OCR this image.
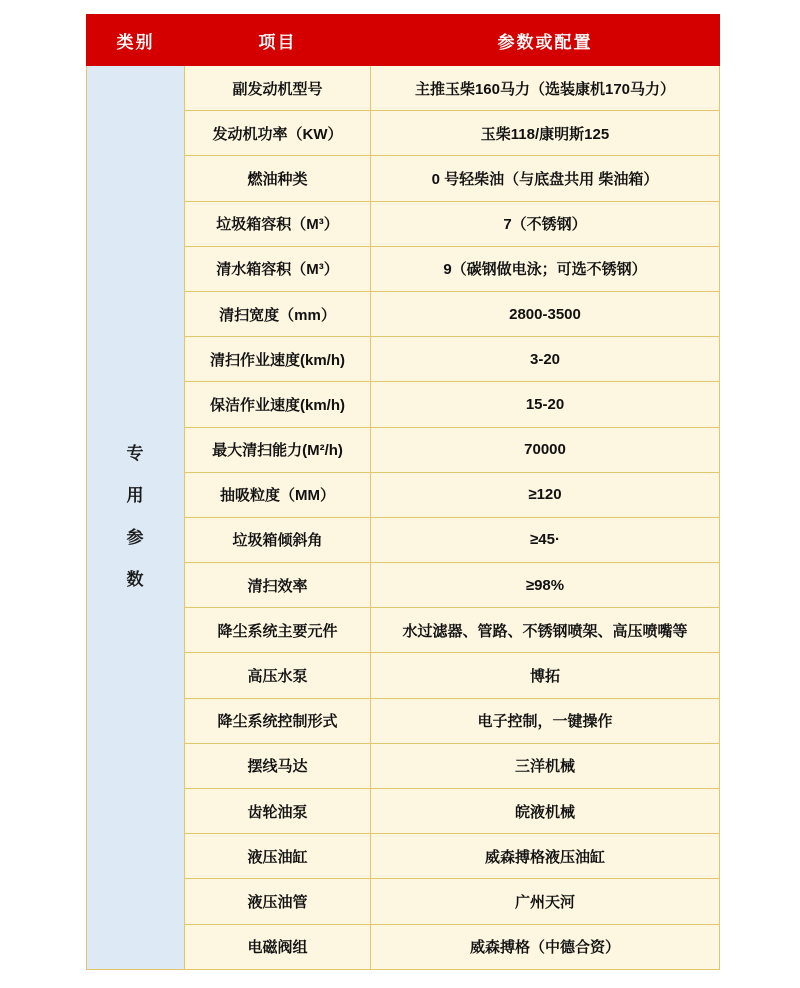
类别	项目	参数或配置

专
用
参
数	副发动机型号	主推玉柴160马力（选装康机170马力）
	发动机功率（KW）	玉柴118/康明斯125
	燃油种类	0 号轻柴油（与底盘共用 柴油箱）
	垃圾箱容积（M³）	7（不锈钢）
	清水箱容积（M³）	9（碳钢做电泳；可选不锈钢）
	清扫宽度（mm）	2800-3500
	清扫作业速度(km/h)	3-20
	保洁作业速度(km/h)	15-20
	最大清扫能力(M²/h)	70000
	抽吸粒度（MM）	≥120
	垃圾箱倾斜角	≥45·
	清扫效率	≥98%
	降尘系统主要元件	水过滤器、管路、不锈钢喷架、高压喷嘴等
	高压水泵	博拓
	降尘系统控制形式	电子控制，一键操作
	摆线马达	三洋机械
	齿轮油泵	皖液机械
	液压油缸	威森搏格液压油缸
	液压油管	广州天河
	电磁阀组	威森搏格（中德合资）
